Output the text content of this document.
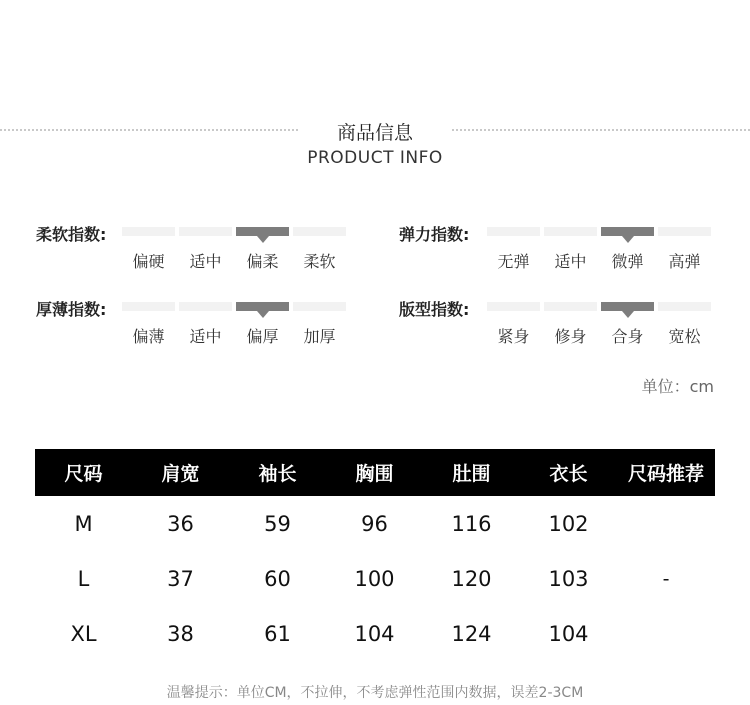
商品信息
PRODUCT INFO
柔软指数:
偏硬	适中	偏柔	柔软
弹力指数:
无弹	适中	微弹	高弹
厚薄指数:
偏薄	适中	偏厚	加厚
版型指数:
紧身	修身	合身	宽松
单位：cm
尺码	肩宽	袖长	胸围	肚围	衣长	尺码推荐
M	36	59	96	116	102
L	37	60	100	120	103	-
XL	38	61	104	124	104
温馨提示：单位CM，不拉伸，不考虑弹性范围内数据，误差2-3CM
